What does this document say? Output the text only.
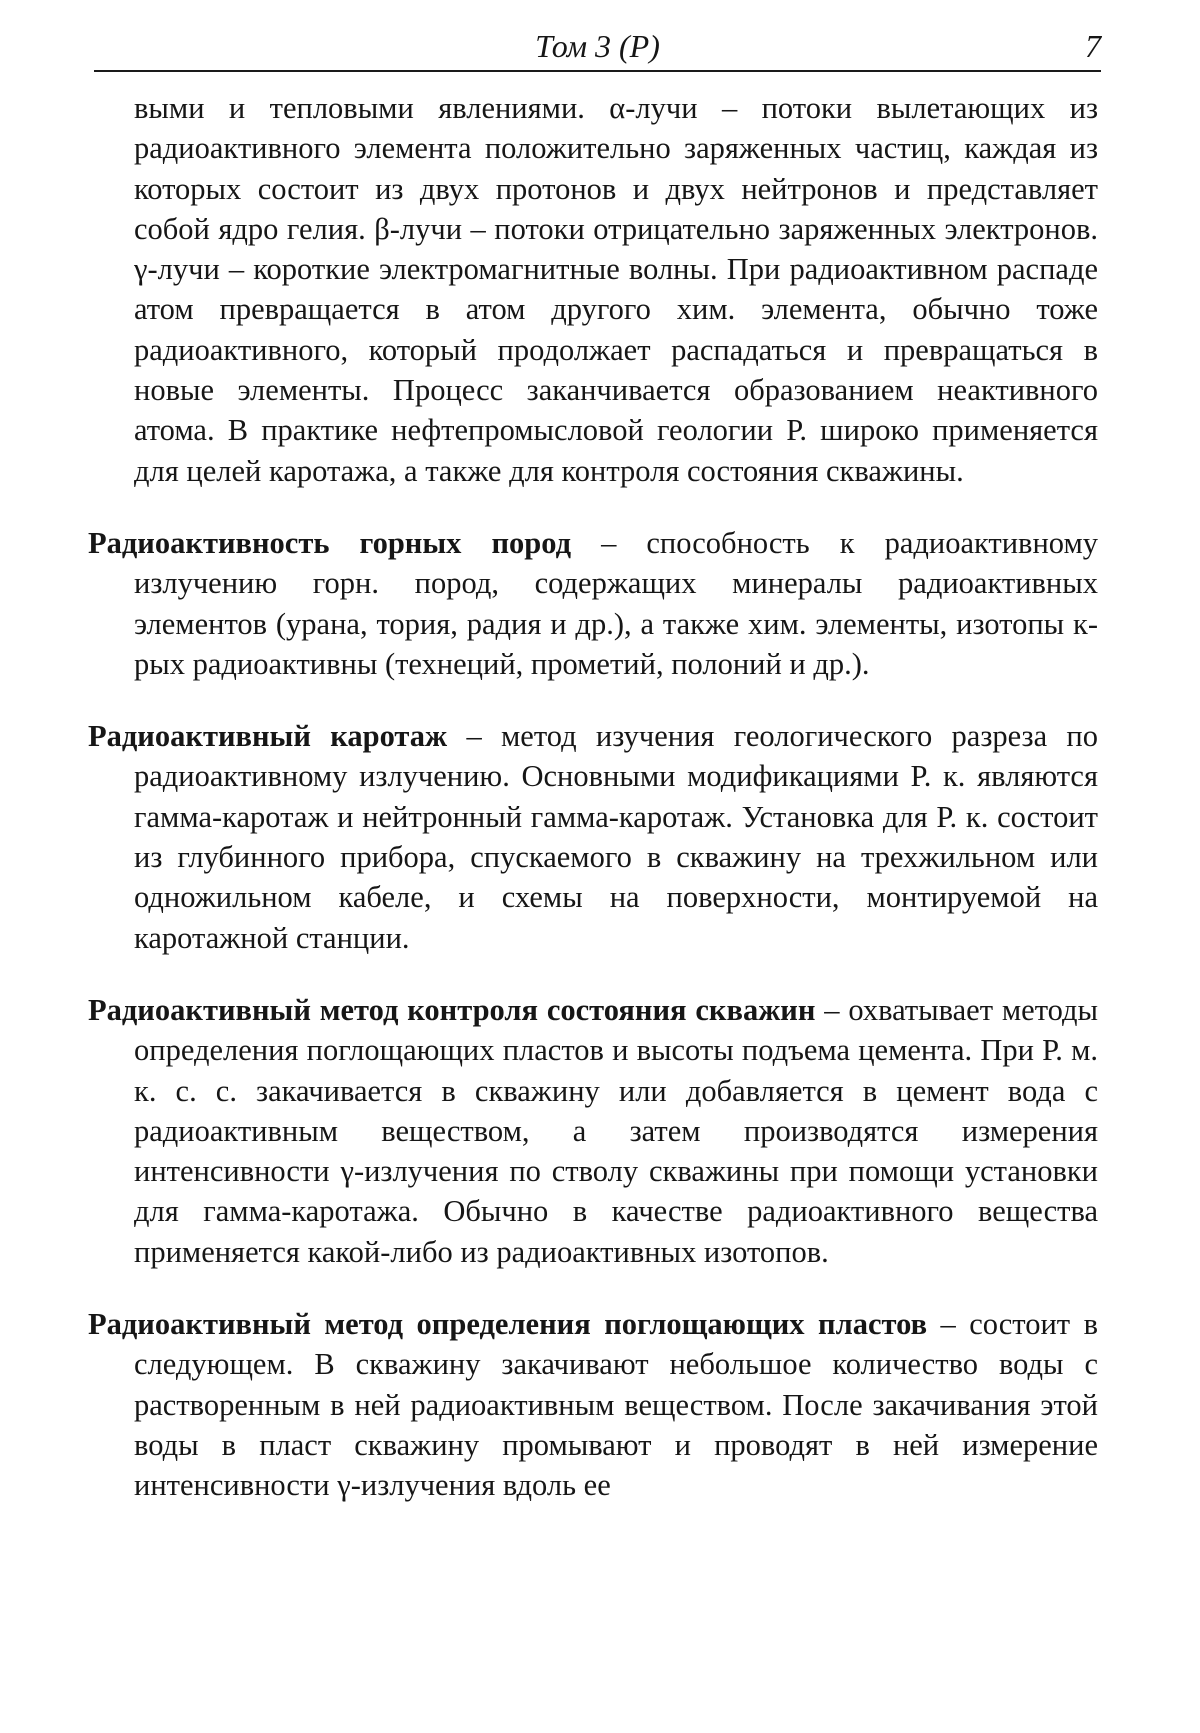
Том 3 (Р)	7

выми и тепловыми явлениями. α-лучи – потоки вылетающих из радиоактивного элемента положительно заряженных частиц, каждая из которых состоит из двух протонов и двух нейтронов и представляет собой ядро гелия. β-лучи – потоки отрицательно заряженных электронов. γ-лучи – короткие электромагнитные волны. При радиоактивном распаде атом превращается в атом другого хим. элемента, обычно тоже радиоактивного, который продолжает распадаться и превращаться в новые элементы. Процесс заканчивается образованием неактивного атома. В практике нефтепромысловой геологии Р. широко применяется для целей каротажа, а также для контроля состояния скважины.

Радиоактивность горных пород – способность к радиоактивному излучению горн. пород, содержащих минералы радиоактивных элементов (урана, тория, радия и др.), а также хим. элементы, изотопы к-рых радиоактивны (технеций, прометий, полоний и др.).

Радиоактивный каротаж – метод изучения геологического разреза по радиоактивному излучению. Основными модификациями Р. к. являются гамма-каротаж и нейтронный гамма-каротаж. Установка для Р. к. состоит из глубинного прибора, спускаемого в скважину на трехжильном или одножильном кабеле, и схемы на поверхности, монтируемой на каротажной станции.

Радиоактивный метод контроля состояния скважин – охватывает методы определения поглощающих пластов и высоты подъема цемента. При Р. м. к. с. с. закачивается в скважину или добавляется в цемент вода с радиоактивным веществом, а затем производятся измерения интенсивности γ-излучения по стволу скважины при помощи установки для гамма-каротажа. Обычно в качестве радиоактивного вещества применяется какой-либо из радиоактивных изотопов.

Радиоактивный метод определения поглощающих пластов – состоит в следующем. В скважину закачивают небольшое количество воды с растворенным в ней радиоактивным веществом. После закачивания этой воды в пласт скважину промывают и проводят в ней измерение интенсивности γ-излучения вдоль ее
